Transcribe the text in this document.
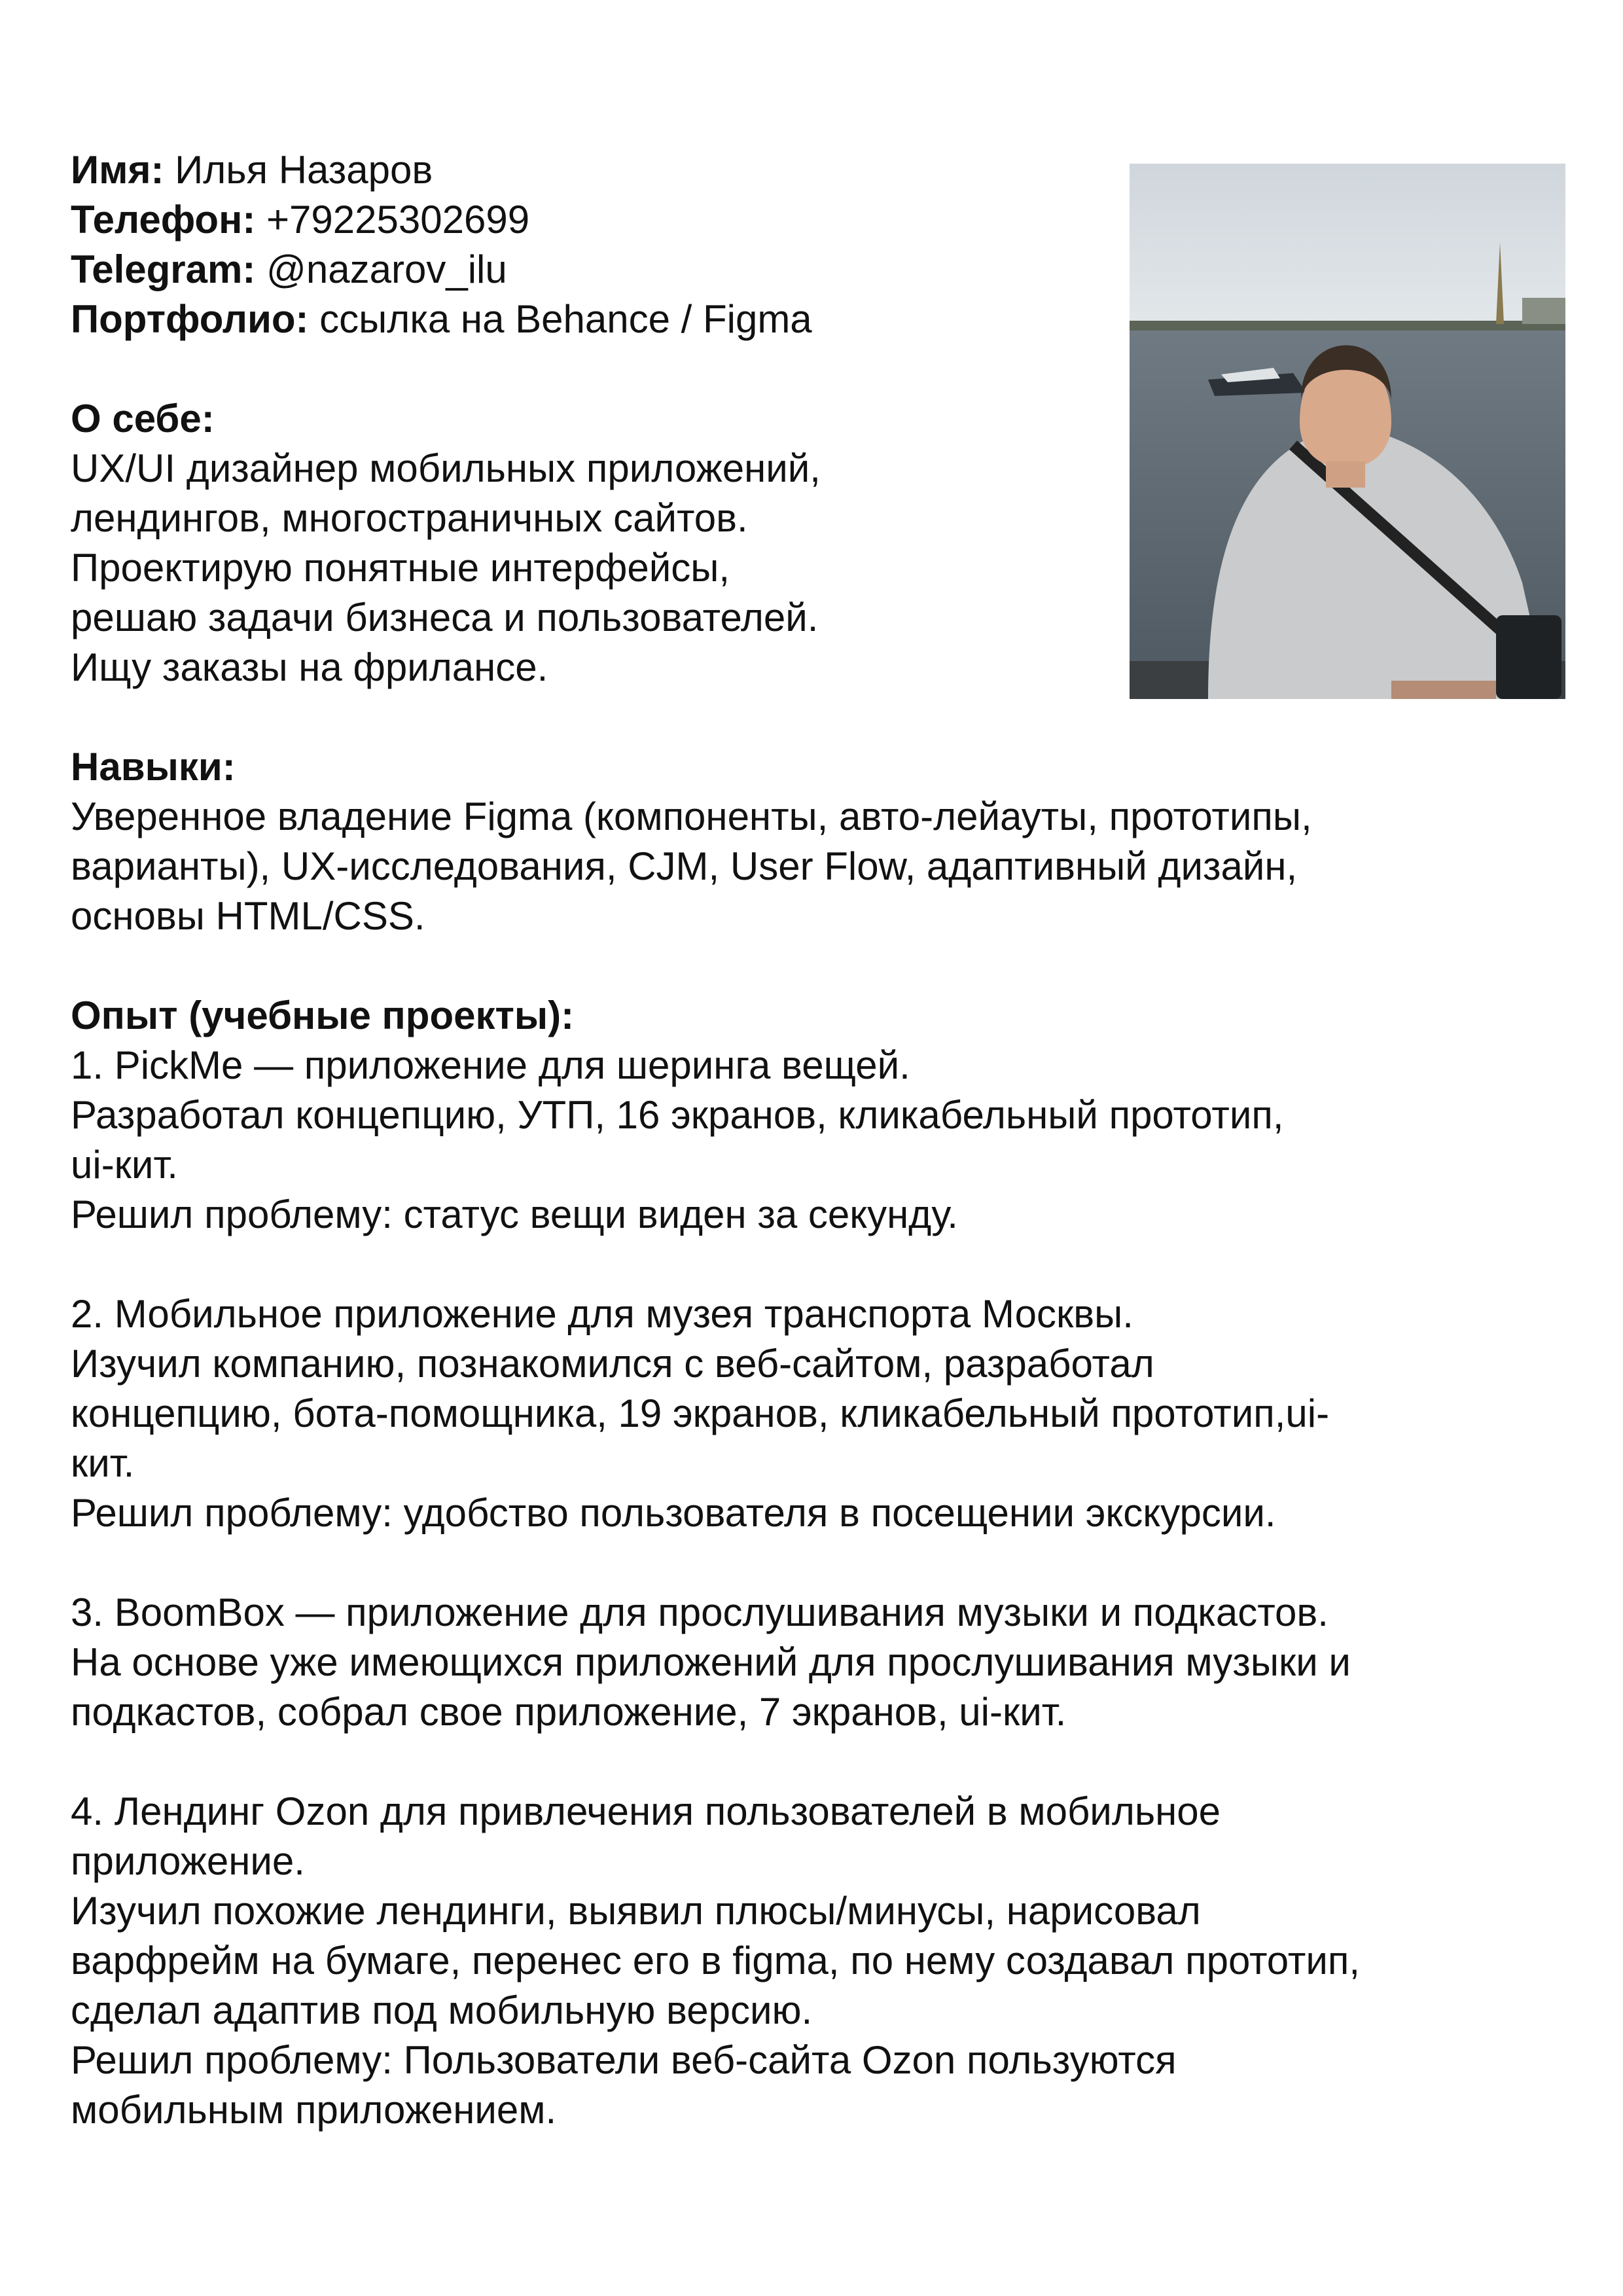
Имя: Илья Назаров

Телефон: +79225302699

Telegram: @nazarov_ilu

Портфолио: ссылка на Behance / Figma

О себе:

UX/UI дизайнер мобильных приложений,

лендингов, многостраничных сайтов.

Проектирую понятные интерфейсы,

решаю задачи бизнеса и пользователей.

Ищу заказы на фрилансе.

Навыки:

Уверенное владение Figma (компоненты, авто-лейауты, прототипы,

варианты), UX-исследования, CJM, User Flow, адаптивный дизайн,

основы HTML/CSS.

Опыт (учебные проекты):

1. PickMe — приложение для шеринга вещей.

Разработал концепцию, УТП, 16 экранов, кликабельный прототип,

ui-кит.

Решил проблему: статус вещи виден за секунду.

2. Мобильное приложение для музея транспорта Москвы.

Изучил компанию, познакомился с веб-сайтом, разработал

концепцию, бота-помощника, 19 экранов, кликабельный прототип,ui-

кит.

Решил проблему: удобство пользователя в посещении экскурсии.

3. BoomBox — приложение для прослушивания музыки и подкастов.

На основе уже имеющихся приложений для прослушивания музыки и

подкастов, собрал свое приложение, 7 экранов, ui-кит.

4. Лендинг Ozon для привлечения пользователей в мобильное

приложение.

Изучил похожие лендинги, выявил плюсы/минусы, нарисовал

варфрейм на бумаге, перенес его в figma, по нему создавал прототип,

сделал адаптив под мобильную версию.

Решил проблему: Пользователи веб-сайта Ozon пользуются

мобильным приложением.
